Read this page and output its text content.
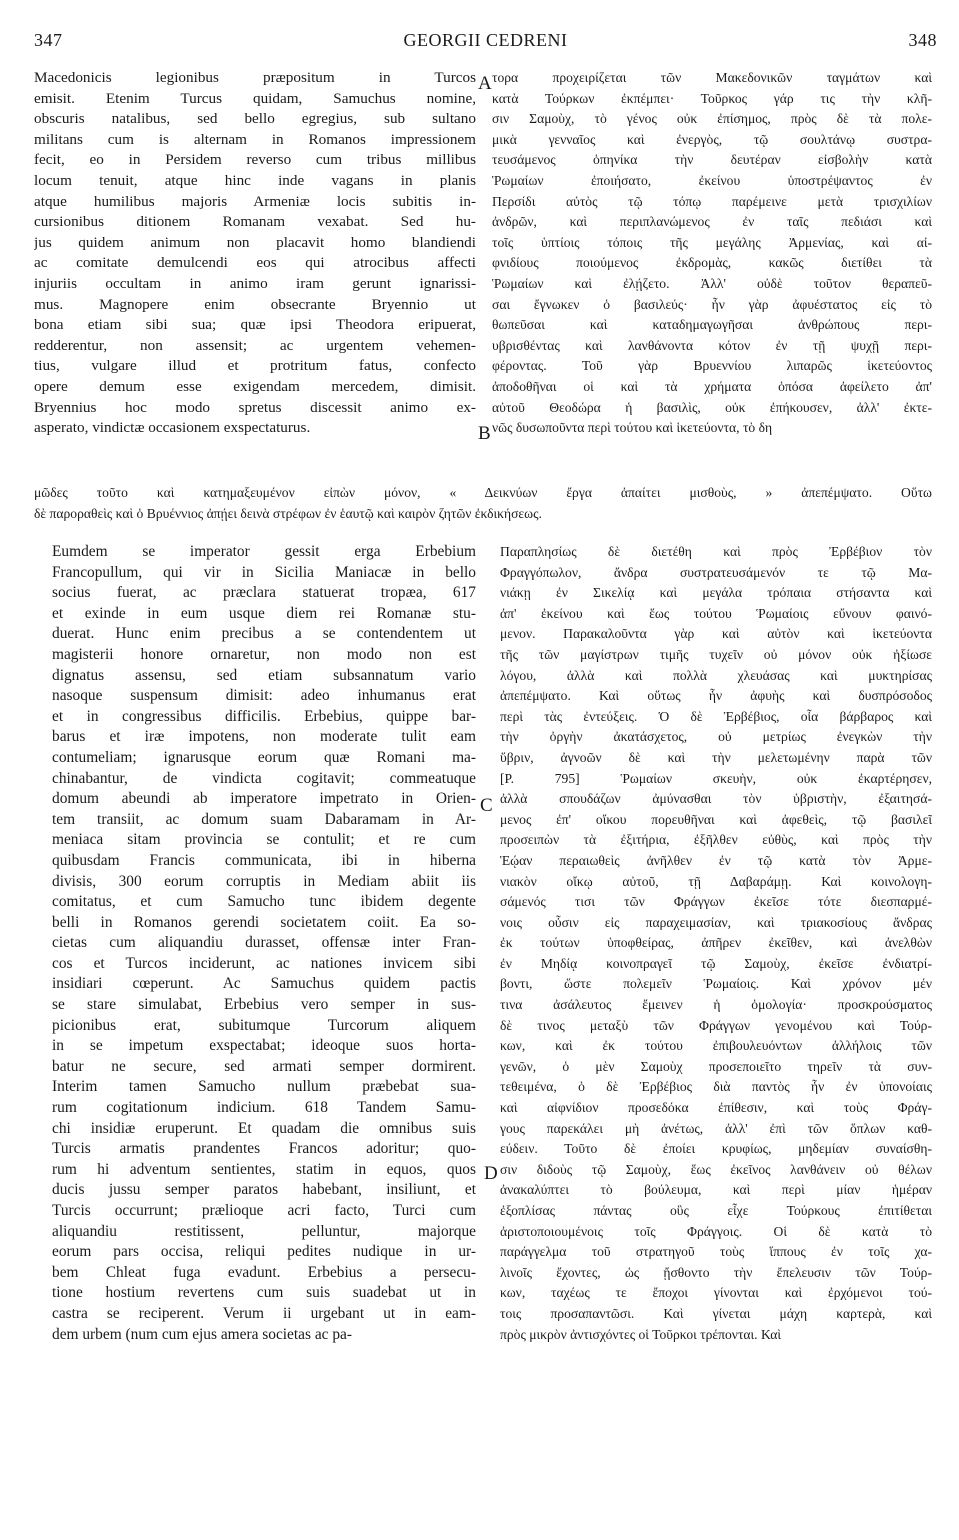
347	GEORGII CEDRENI	348
A
B
C
D
Macedonicis legionibus præpositum in Turcos
emisit. Etenim Turcus quidam, Samuchus nomine,
obscuris natalibus, sed bello egregius, sub sultano
militans cum is alternam in Romanos impressionem
fecit, eo in Persidem reverso cum tribus millibus
locum tenuit, atque hinc inde vagans in planis
atque humilibus majoris Armeniæ locis subitis in-
cursionibus ditionem Romanam vexabat. Sed hu-
jus quidem animum non placavit homo blandiendi
ac comitate demulcendi eos qui atrocibus affecti
injuriis occultam in animo iram gerunt ignarissi-
mus. Magnopere enim obsecrante Bryennio ut
bona etiam sibi sua; quæ ipsi Theodora eripuerat,
redderentur, non assensit; ac urgentem vehemen-
tius, vulgare illud et protritum fatus, confecto
opere demum esse exigendam mercedem, dimisit.
Bryennius hoc modo spretus discessit animo ex-
asperato, vindictæ occasionem exspectaturus.
τορα προχειρίζεται τῶν Μακεδονικῶν ταγμάτων καὶ
κατὰ Τούρκων ἐκπέμπει· Τοῦρκος γάρ τις τὴν κλῆ-
σιν Σαμοὺχ, τὸ γένος οὐκ ἐπίσημος, πρὸς δὲ τὰ πολε-
μικὰ γενναῖος καὶ ἐνεργὸς, τῷ σουλτάνῳ συστρα-
τευσάμενος ὁπηνίκα τὴν δευτέραν εἰσβολὴν κατὰ
Ῥωμαίων ἐποιήσατο, ἐκείνου ὑποστρέψαντος ἐν
Περσίδι αὐτὸς τῷ τόπῳ παρέμεινε μετὰ τρισχιλίων
ἀνδρῶν, καὶ περιπλανώμενος ἐν ταῖς πεδιάσι καὶ
τοῖς ὑπτίοις τόποις τῆς μεγάλης Ἀρμενίας, καὶ αἰ-
φνιδίους ποιούμενος ἐκδρομὰς, κακῶς διετίθει τὰ
Ῥωμαίων καὶ ἐλῄζετο. Ἀλλ' οὐδὲ τοῦτον θεραπεῦ-
σαι ἔγνωκεν ὁ βασιλεύς· ἦν γὰρ ἀφυέστατος εἰς τὸ
θωπεῦσαι καὶ καταδημαγωγῆσαι ἀνθρώπους περι-
υβρισθέντας καὶ λανθάνοντα κότον ἐν τῇ ψυχῇ περι-
φέροντας. Τοῦ γὰρ Βρυεννίου λιπαρῶς ἱκετεύοντος
ἀποδοθῆναι οἱ καὶ τὰ χρήματα ὁπόσα ἀφείλετο ἀπ'
αὐτοῦ Θεοδώρα ἡ βασιλὶς, οὐκ ἐπήκουσεν, ἀλλ' ἐκτε-
νῶς δυσωποῦντα περὶ τούτου καὶ ἱκετεύοντα, τὸ δη
μῶδες τοῦτο καὶ κατημαξευμένον εἰπὼν μόνον, « Δεικνύων ἔργα ἀπαίτει μισθοὺς, » ἀπεπέμψατο. Οὕτω
δὲ παροραθεὶς καὶ ὁ Βρυέννιος ἀπῄει δεινὰ στρέφων ἐν ἑαυτῷ καὶ καιρὸν ζητῶν ἐκδικήσεως.
Eumdem se imperator gessit erga Erbebium
Francopullum, qui vir in Sicilia Maniacæ in bello
socius fuerat, ac præclara statuerat tropæa, 617
et exinde in eum usque diem rei Romanæ stu-
duerat. Hunc enim precibus a se contendentem ut
magisterii honore ornaretur, non modo non est
dignatus assensu, sed etiam subsannatum vario
nasoque suspensum dimisit: adeo inhumanus erat
et in congressibus difficilis. Erbebius, quippe bar-
barus et iræ impotens, non moderate tulit eam
contumeliam; ignarusque eorum quæ Romani ma-
chinabantur, de vindicta cogitavit; commeatuque
domum abeundi ab imperatore impetrato in Orien-
tem transiit, ac domum suam Dabaramam in Ar-
meniaca sitam provincia se contulit; et re cum
quibusdam Francis communicata, ibi in hiberna
divisis, 300 eorum corruptis in Mediam abiit iis
comitatus, et cum Samucho tunc ibidem degente
belli in Romanos gerendi societatem coiit. Ea so-
cietas cum aliquandiu durasset, offensæ inter Fran-
cos et Turcos inciderunt, ac nationes invicem sibi
insidiari cœperunt. Ac Samuchus quidem pactis
se stare simulabat, Erbebius vero semper in sus-
picionibus erat, subitumque Turcorum aliquem
in se impetum exspectabat; ideoque suos horta-
batur ne secure, sed armati semper dormirent.
Interim tamen Samucho nullum præbebat sua-
rum cogitationum indicium. 618 Tandem Samu-
chi insidiæ eruperunt. Et quadam die omnibus suis
Turcis armatis prandentes Francos adoritur; quo-
rum hi adventum sentientes, statim in equos, quos
ducis jussu semper paratos habebant, insiliunt, et
Turcis occurrunt; prælioque acri facto, Turci cum
aliquandiu restitissent, pelluntur, majorque
eorum pars occisa, reliqui pedites nudique in ur-
bem Chleat fuga evadunt. Erbebius a persecu-
tione hostium revertens cum suis suadebat ut in
castra se reciperent. Verum ii urgebant ut in eam-
dem urbem (num cum ejus amera societas ac pa-
Παραπλησίως δὲ διετέθη καὶ πρὸς Ἐρβέβιον τὸν
Φραγγόπωλον, ἄνδρα συστρατευσάμενόν τε τῷ Μα-
νιάκῃ ἐν Σικελίᾳ καὶ μεγάλα τρόπαια στήσαντα καὶ
ἀπ' ἐκείνου καὶ ἕως τούτου Ῥωμαίοις εὔνουν φαινό-
μενον. Παρακαλοῦντα γὰρ καὶ αὐτὸν καὶ ἱκετεύοντα
τῆς τῶν μαγίστρων τιμῆς τυχεῖν οὐ μόνον οὐκ ἠξίωσε
λόγου, ἀλλὰ καὶ πολλὰ χλευάσας καὶ μυκτηρίσας
ἀπεπέμψατο. Καὶ οὕτως ἦν ἀφυὴς καὶ δυσπρόσοδος
περὶ τὰς ἐντεύξεις. Ὁ δὲ Ἐρβέβιος, οἷα βάρβαρος καὶ
τὴν ὀργὴν ἀκατάσχετος, οὐ μετρίως ἐνεγκὼν τὴν
ὕβριν, ἀγνοῶν δὲ καὶ τὴν μελετωμένην παρὰ τῶν
[P. 795] Ῥωμαίων σκευὴν, οὐκ ἐκαρτέρησεν,
ἀλλὰ σπουδάζων ἀμύνασθαι τὸν ὑβριστὴν, ἐξαιτησά-
μενος ἐπ' οἴκου πορευθῆναι καὶ ἀφεθεὶς, τῷ βασιλεῖ
προσειπὼν τὰ ἐξιτήρια, ἐξῆλθεν εὐθὺς, καὶ πρὸς τὴν
Ἑῴαν περαιωθεὶς ἀνῆλθεν ἐν τῷ κατὰ τὸν Ἀρμε-
νιακὸν οἴκῳ αὐτοῦ, τῇ Δαβαράμῃ. Καὶ κοινολογη-
σάμενός τισι τῶν Φράγγων ἐκεῖσε τότε διεσπαρμέ-
νοις οὖσιν εἰς παραχειμασίαν, καὶ τριακοσίους ἄνδρας
ἐκ τούτων ὑποφθείρας, ἀπῆρεν ἐκεῖθεν, καὶ ἀνελθὼν
ἐν Μηδίᾳ κοινοπραγεῖ τῷ Σαμοὺχ, ἐκεῖσε ἐνδιατρί-
βοντι, ὥστε πολεμεῖν Ῥωμαίοις. Καὶ χρόνον μέν
τινα ἀσάλευτος ἔμεινεν ἡ ὁμολογία· προσκρούσματος
δὲ τινος μεταξὺ τῶν Φράγγων γενομένου καὶ Τούρ-
κων, καὶ ἐκ τούτου ἐπιβουλευόντων ἀλλήλοις τῶν
γενῶν, ὁ μὲν Σαμοὺχ προσεποιεῖτο τηρεῖν τὰ συν-
τεθειμένα, ὁ δὲ Ἐρβέβιος διὰ παντὸς ἦν ἐν ὑπονοίαις
καὶ αἰφνίδιον προσεδόκα ἐπίθεσιν, καὶ τοὺς Φράγ-
γους παρεκάλει μὴ ἀνέτως, ἀλλ' ἐπὶ τῶν ὅπλων καθ-
εύδειν. Τοῦτο δὲ ἐποίει κρυφίως, μηδεμίαν συναίσθη-
σιν διδοὺς τῷ Σαμοὺχ, ἕως ἐκεῖνος λανθάνειν οὐ θέλων
ἀνακαλύπτει τὸ βούλευμα, καὶ περὶ μίαν ἡμέραν
ἐξοπλίσας πάντας οὓς εἶχε Τούρκους ἐπιτίθεται
ἀριστοποιουμένοις τοῖς Φράγγοις. Οἱ δὲ κατὰ τὸ
παράγγελμα τοῦ στρατηγοῦ τοὺς ἵππους ἐν τοῖς χα-
λινοῖς ἔχοντες, ὡς ᾔσθοντο τὴν ἔπελευσιν τῶν Τούρ-
κων, ταχέως τε ἔποχοι γίνονται καὶ ἐρχόμενοι τού-
τοις προσαπαντῶσι. Καὶ γίνεται μάχη καρτερὰ, καὶ
πρὸς μικρὸν ἀντισχόντες οἱ Τοῦρκοι τρέπονται. Καὶ
